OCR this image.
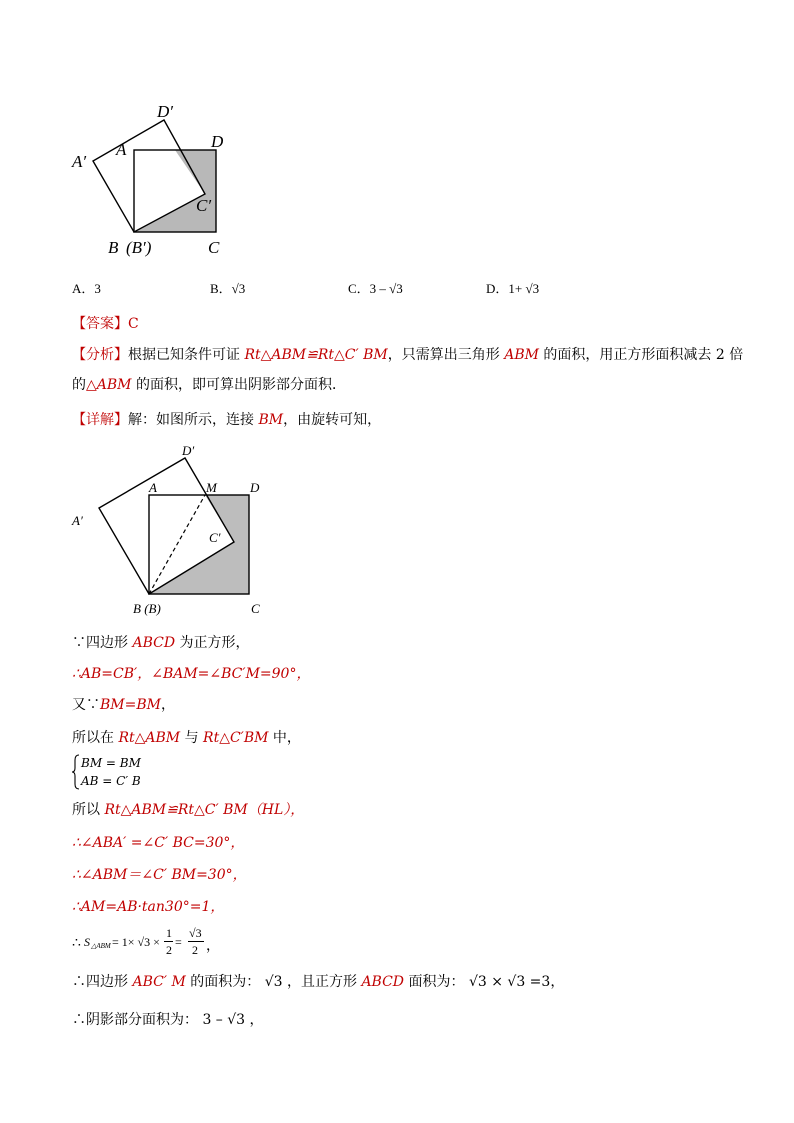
D′
D
A′
A
C′
B (B′)	C
A．3	B．√3	C．3 – √3	D．1+ √3
【答案】C
【分析】根据已知条件可证 Rt△ABM≌Rt△C′ BM，只需算出三角形 ABM 的面积，用正方形面积减去 2 倍
的△ABM 的面积，即可算出阴影部分面积．
【详解】解：如图所示，连接 BM，由旋转可知，
D′
A	M	D
A′
C′
B (B)	C
∵四边形 ABCD 为正方形，
∴AB=CB′，∠BAM=∠BC′M=90°，
又∵BM=BM，
所以在 Rt△ABM 与 Rt△C′BM 中，
BM = BM
AB = C′ B
所以 Rt△ABM≌Rt△C′ BM（HL），
∴∠ABA′ =∠C′ BC=30°，
∴∠ABM＝∠C′ BM=30°，
∴AM=AB·tan30°=1，
∴ S △ABM = 1× √3 ×
1
2
=
√3
2 ，
∴四边形 ABC′ M 的面积为： √3 ，且正方形 ABCD 面积为： √3 × √3 =3，
∴阴影部分面积为： 3 – √3 ，
